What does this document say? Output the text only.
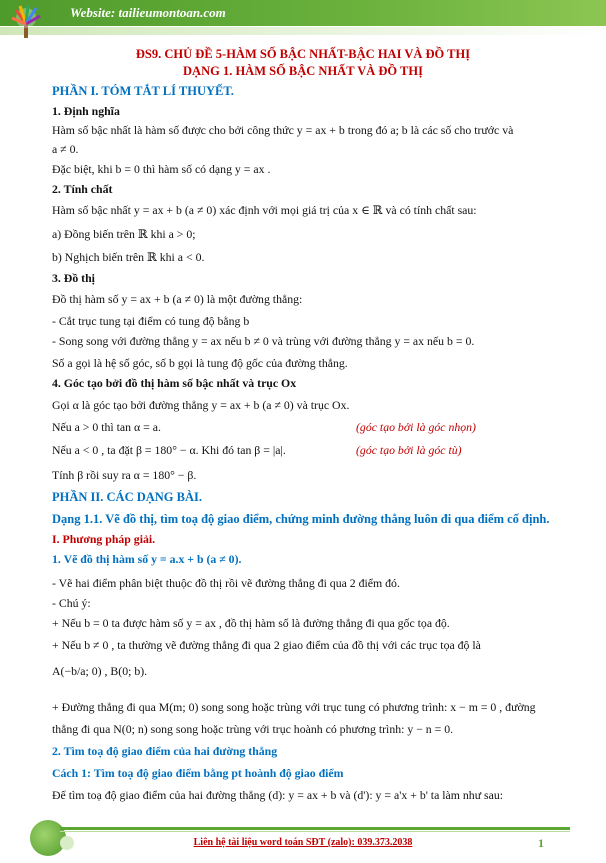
Website: tailieumontoan.com
ĐS9. CHỦ ĐỀ 5-HÀM SỐ BẬC NHẤT-BẬC HAI VÀ ĐỒ THỊ
DẠNG 1. HÀM SỐ BẬC NHẤT VÀ ĐỒ THỊ
PHẦN I. TÓM TẮT LÍ THUYẾT.
1. Định nghĩa
Hàm số bậc nhất là hàm số được cho bởi công thức y = ax + b trong đó a; b là các số cho trước và
a ≠ 0.
Đặc biệt, khi b = 0 thì hàm số có dạng y = ax .
2. Tính chất
Hàm số bậc nhất y = ax + b (a ≠ 0) xác định với mọi giá trị của x ∈ ℝ và có tính chất sau:
a) Đồng biến trên ℝ khi a > 0;
b) Nghịch biến trên ℝ khi a < 0.
3. Đồ thị
Đồ thị hàm số y = ax + b (a ≠ 0) là một đường thẳng:
- Cắt trục tung tại điểm có tung độ bằng b
- Song song với đường thẳng y = ax nếu b ≠ 0 và trùng với đường thẳng y = ax nếu b = 0.
Số a gọi là hệ số góc, số b gọi là tung độ gốc của đường thẳng.
4. Góc tạo bởi đồ thị hàm số bậc nhất và trục Ox
Gọi α là góc tạo bởi đường thẳng y = ax + b (a ≠ 0) và trục Ox.
Nếu a > 0 thì tan α = a.	(góc tạo bởi là góc nhọn)
Nếu a < 0 , ta đặt β = 180° − α. Khi đó tan β = |a|.	(góc tạo bởi là góc tù)
Tính β rồi suy ra α = 180° − β.
PHẦN II. CÁC DẠNG BÀI.
Dạng 1.1. Vẽ đồ thị, tìm toạ độ giao điểm, chứng minh đường thẳng luôn đi qua điểm cố định.
I. Phương pháp giải.
1. Vẽ đồ thị hàm số y = a.x + b (a ≠ 0).
- Vẽ hai điểm phân biệt thuộc đồ thị rồi vẽ đường thẳng đi qua 2 điểm đó.
- Chú ý:
+ Nếu b = 0 ta được hàm số y = ax , đồ thị hàm số là đường thẳng đi qua gốc tọa độ.
+ Nếu b ≠ 0 , ta thường vẽ đường thẳng đi qua 2 giao điểm của đồ thị với các trục tọa độ là
A(−b/a; 0) , B(0; b).
+ Đường thẳng đi qua M(m; 0) song song hoặc trùng với trục tung có phương trình: x − m = 0 , đường
thẳng đi qua N(0; n) song song hoặc trùng với trục hoành có phương trình: y − n = 0.
2. Tìm toạ độ giao điểm của hai đường thẳng
Cách 1: Tìm toạ độ giao điểm bằng pt hoành độ giao điểm
Để tìm toạ độ giao điểm của hai đường thẳng (d): y = ax + b và (d'): y = a'x + b' ta làm như sau:
Liên hệ tài liệu word toán SĐT (zalo): 039.373.2038	1
